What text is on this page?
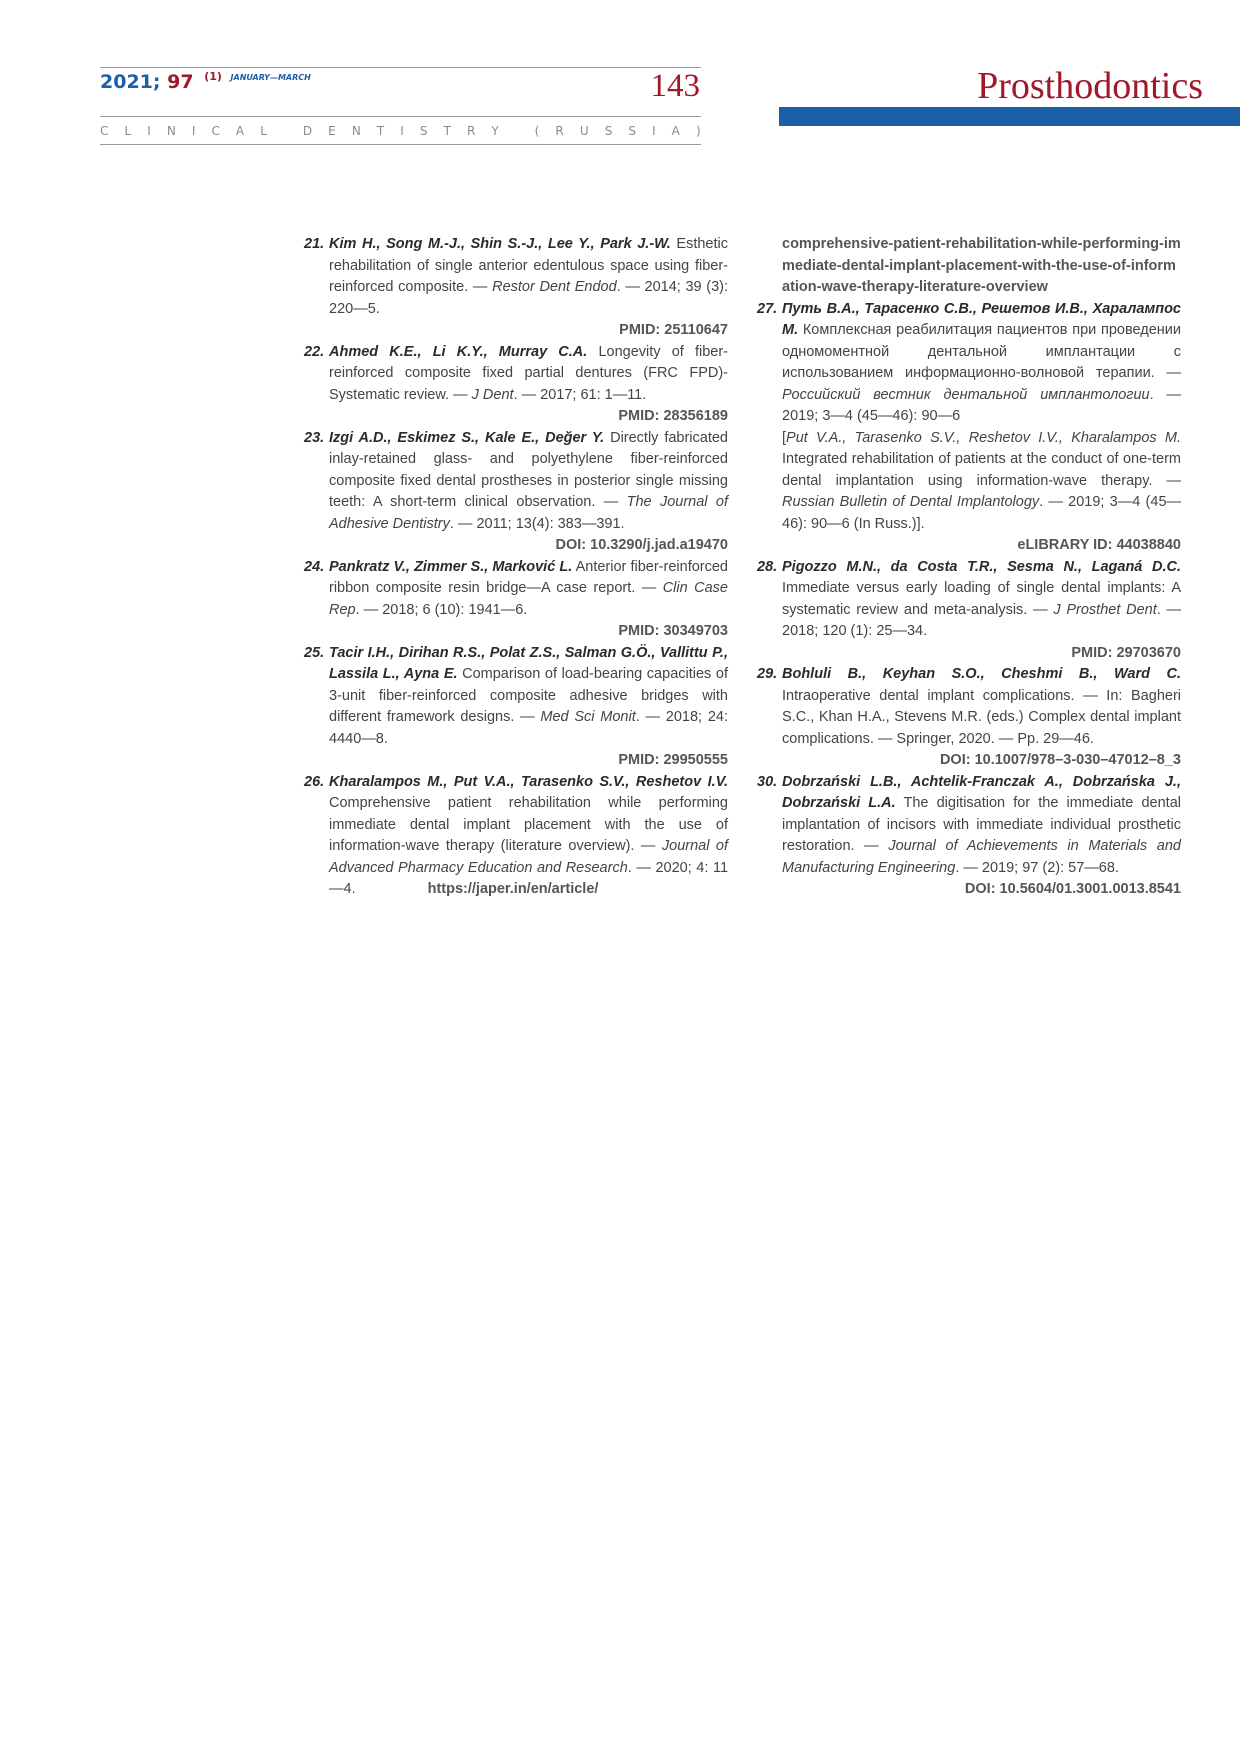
2021; 97 $^{(1)}$ $^{JANUARY—MARCH}$	143
C L I N I C A L
	D E N T I S T R Y
	( R U S S I A )
Prosthodontics
21. Kim H., Song M.-J., Shin S.-J., Lee Y., Park J.-W. Esthetic rehabilitation of single anterior edentulous space using fiber-reinforced composite. — Restor Dent Endod. — 2014; 39 (3): 220—5.
PMID: 25110647
22. Ahmed K.E., Li K.Y., Murray C.A. Longevity of fiber-reinforced composite fixed partial dentures (FRC FPD)-Systematic review. — J Dent. — 2017; 61: 1—11.
PMID: 28356189
23. Izgi A.D., Eskimez S., Kale E., Değer Y. Directly fabricated inlay-retained glass- and polyethylene fiber-reinforced composite fixed dental prostheses in posterior single missing teeth: A short-term clinical observation. — The Journal of Adhesive Dentistry. — 2011; 13(4): 383—391.
DOI: 10.3290/j.jad.a19470
24. Pankratz V., Zimmer S., Marković L. Anterior fiber-reinforced ribbon composite resin bridge—A case report. — Clin Case Rep. — 2018; 6 (10): 1941—6.
PMID: 30349703
25. Tacir I.H., Dirihan R.S., Polat Z.S., Salman G.Ö., Vallittu P., Lassila L., Ayna E. Comparison of load-bearing capacities of 3-unit fiber-reinforced composite adhesive bridges with different framework designs. — Med Sci Monit. — 2018; 24: 4440—8.
PMID: 29950555
26. Kharalampos M., Put V.A., Tarasenko S.V., Reshetov I.V. Comprehensive patient rehabilitation while performing immediate dental implant placement with the use of information-wave therapy (literature overview). — Journal of Advanced Pharmacy Education and Research. — 2020; 4: 11—4.	https://japer.in/en/article/
comprehensive-patient-rehabilitation-while-performing-immediate-dental-implant-placement-with-the-use-of-information-wave-therapy-literature-overview
27. Путь В.А., Тарасенко С.В., Решетов И.В., Харалампос М. Комплексная реабилитация пациентов при проведении одномоментной дентальной имплантации с использованием информационно-волновой терапии. — Российский вестник дентальной имплантологии. — 2019; 3—4 (45—46): 90—6
[Put V.A., Tarasenko S.V., Reshetov I.V., Kharalampos M. Integrated rehabilitation of patients at the conduct of one-term dental implantation using information-wave therapy. — Russian Bulletin of Dental Implantology. — 2019; 3—4 (45—46): 90—6 (In Russ.)].
eLIBRARY ID: 44038840
28. Pigozzo M.N., da Costa T.R., Sesma N., Laganá D.C. Immediate versus early loading of single dental implants: A systematic review and meta-analysis. — J Prosthet Dent. — 2018; 120 (1): 25—34.
PMID: 29703670
29. Bohluli B., Keyhan S.O., Cheshmi B., Ward C. Intraoperative dental implant complications. — In: Bagheri S.C., Khan H.A., Stevens M.R. (eds.) Complex dental implant complications. — Springer, 2020. — Pp. 29—46.
DOI: 10.1007/978–3-030–47012–8_3
30. Dobrzański L.B., Achtelik-Franczak A., Dobrzańska J., Dobrzański L.A. The digitisation for the immediate dental implantation of incisors with immediate individual prosthetic restoration. — Journal of Achievements in Materials and Manufacturing Engineering. — 2019; 97 (2): 57—68.
DOI: 10.5604/01.3001.0013.8541
